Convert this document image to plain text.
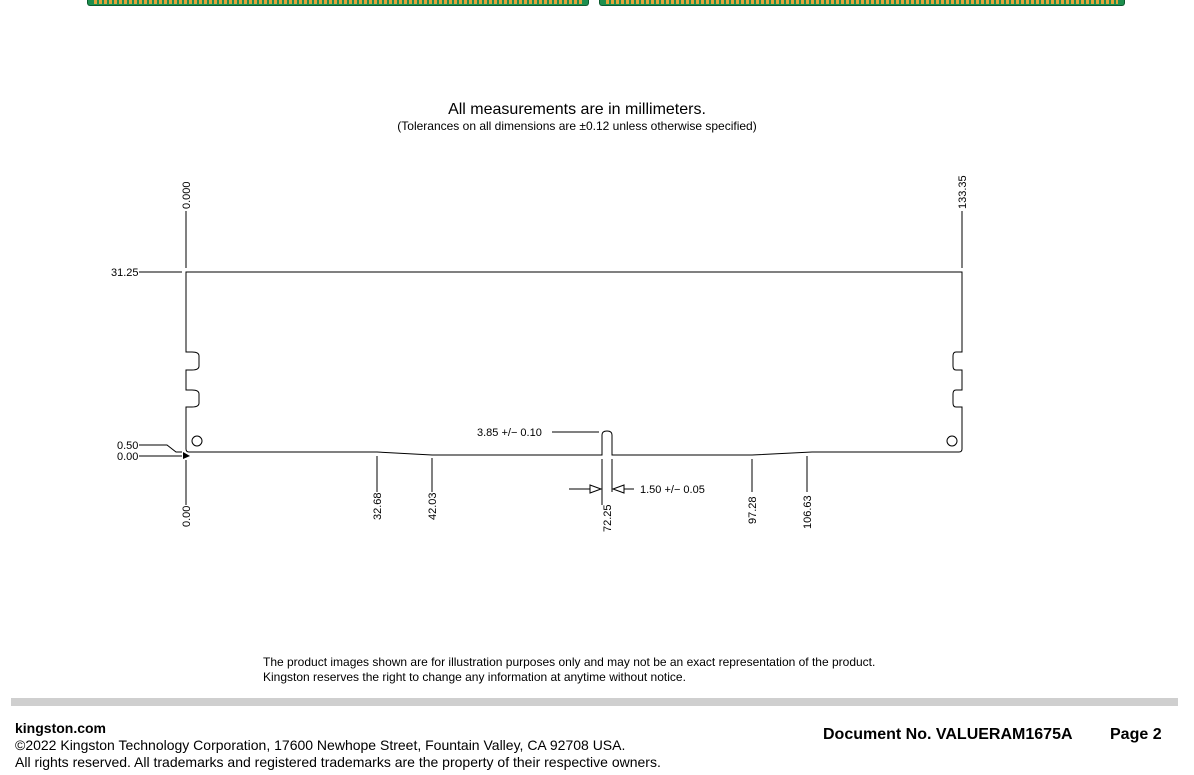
All measurements are in millimeters.
(Tolerances on all dimensions are ±0.12 unless otherwise specified)
0.000	133.35
31.25
0.50
0.00
0.00	32.68	42.03	72.25	97.28	106.63
3.85 +/− 0.10
1.50 +/− 0.05
The product images shown are for illustration purposes only and may not be an exact representation of the product.
Kingston reserves the right to change any information at anytime without notice.
kingston.com
©2022 Kingston Technology Corporation, 17600 Newhope Street, Fountain Valley, CA 92708 USA.
All rights reserved. All trademarks and registered trademarks are the property of their respective owners.
Document No. VALUERAM1675A Page 2
